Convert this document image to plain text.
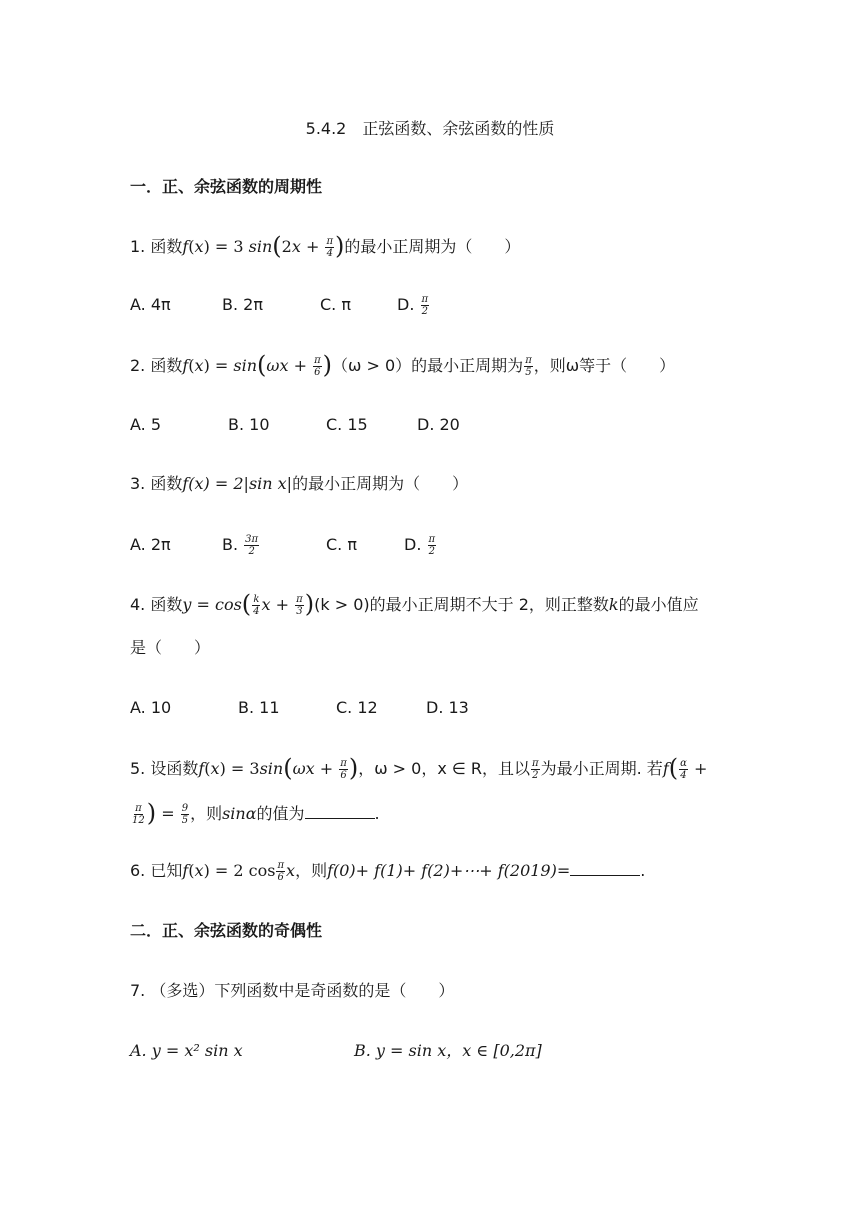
5.4.2　正弦函数、余弦函数的性质
一．正、余弦函数的周期性
1. 函数f(x) = 3 $\sin(2x + \frac{\pi}{4}$ )的最小正周期为（　　）
A. 4π	B. 2π	C. π	D. $\frac{\pi}{2}$
2. 函数$f(x) = \sin(\omega x + \frac{\pi}{6} )(\omega > 0)$的最小正周期为 $\frac{\pi}{5}$ ，则ω等于（　　）
A. 5	B. 10	C. 15	D. 20
3. 函数f(x) = 2|sin x|的最小正周期为（　　）
A. 2π	B. $\frac{3\pi}{2}$	C. π	D. $\frac{\pi}{2}$
4. 函数$y = \cos( \frac{k}{4}$ $x + \frac{\pi}{3} )(k > 0)$的最小正周期不大于 2，则正整数k的最小值应
是（　　）
A. 10	B. 11	C. 12	D. 13
5. 设函数$f(x) = 3\sin(\omega x + \frac{\pi}{6}$ )，ω > 0，x ∈ R，且以 $\frac{\pi}{2}$ 为最小正周期. 若$f( \frac{\alpha}{4}$ +
$\frac{\pi}{12}$ ) = $\frac{9}{5}$ ，则sinα的值为	.
6. 已知f(x) = 2 $\cos \frac{\pi}{6}$ x，则f(0)+ f(1)+ f(2)+⋯+ f(2019)=	.
二．正、余弦函数的奇偶性
7. （多选）下列函数中是奇函数的是（　　）
A. y = x² sin x	B. y = sin x，x ∈ [0,2π]
